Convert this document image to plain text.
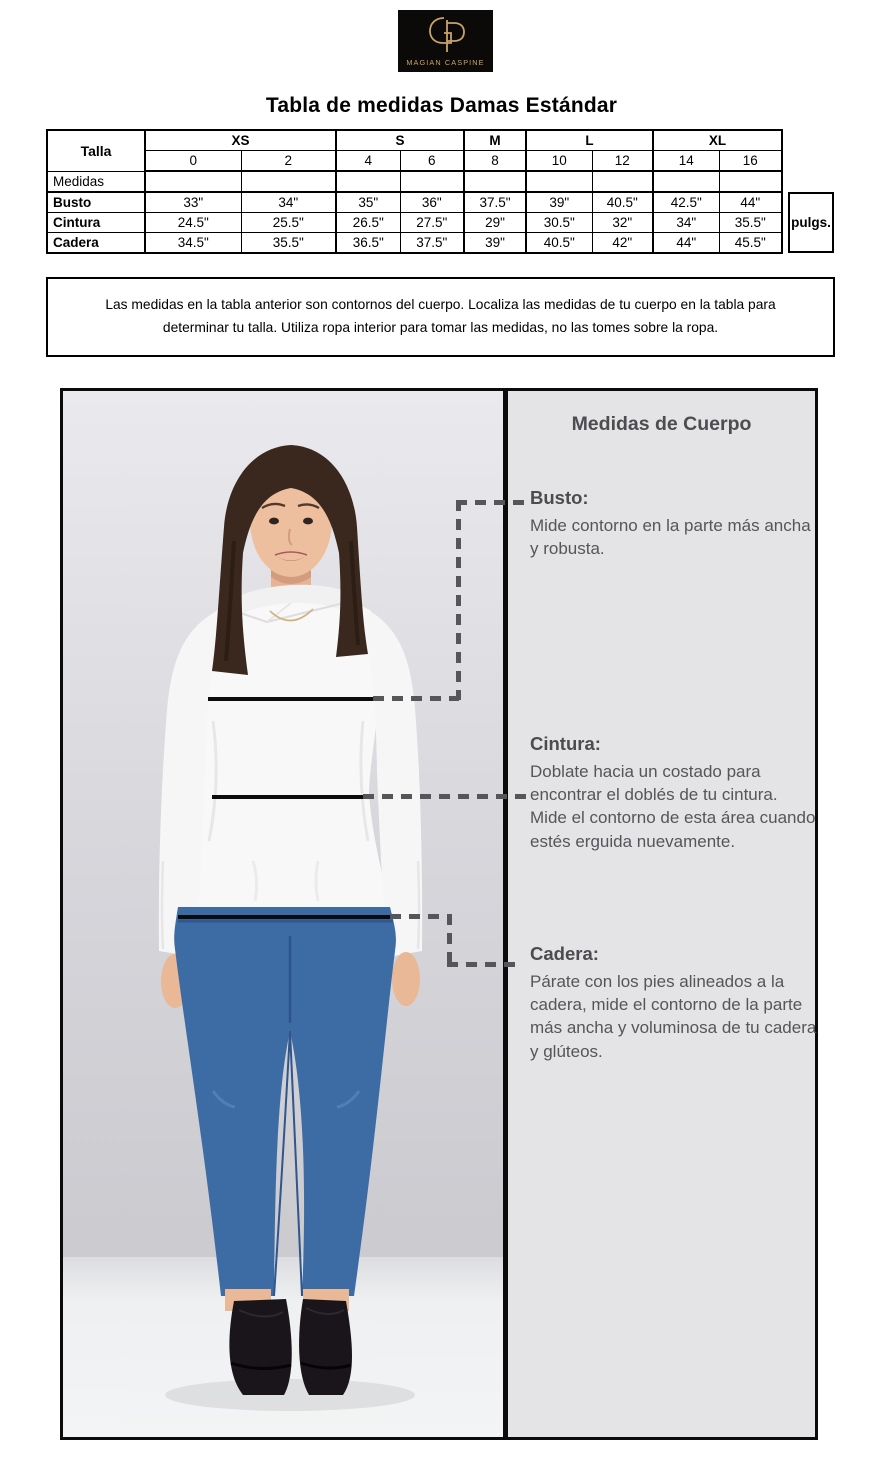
MAGIAN CASPINE
Tabla de medidas Damas Estándar
Talla	XS		S		M	L		XL	
	0	2	4	6	8	10	12	14	16
Medidas									
Busto	33"	34"	35"	36"	37.5"	39"	40.5"	42.5"	44"
Cintura	24.5"	25.5"	26.5"	27.5"	29"	30.5"	32"	34"	35.5"
Cadera	34.5"	35.5"	36.5"	37.5"	39"	40.5"	42"	44"	45.5"
pulgs.

Las medidas en la tabla anterior son contornos del cuerpo. Localiza las medidas de tu cuerpo en la tabla para determinar tu talla. Utiliza ropa interior para tomar las medidas, no las tomes sobre la ropa.

Medidas de Cuerpo
Busto:
Mide contorno en la parte más ancha y robusta.
Cintura:
Doblate hacia un costado para encontrar el doblés de tu cintura. Mide el contorno de esta área cuando estés erguida nuevamente.
Cadera:
Párate con los pies alineados a la cadera, mide el contorno de la parte más ancha y voluminosa de tu cadera y glúteos.
